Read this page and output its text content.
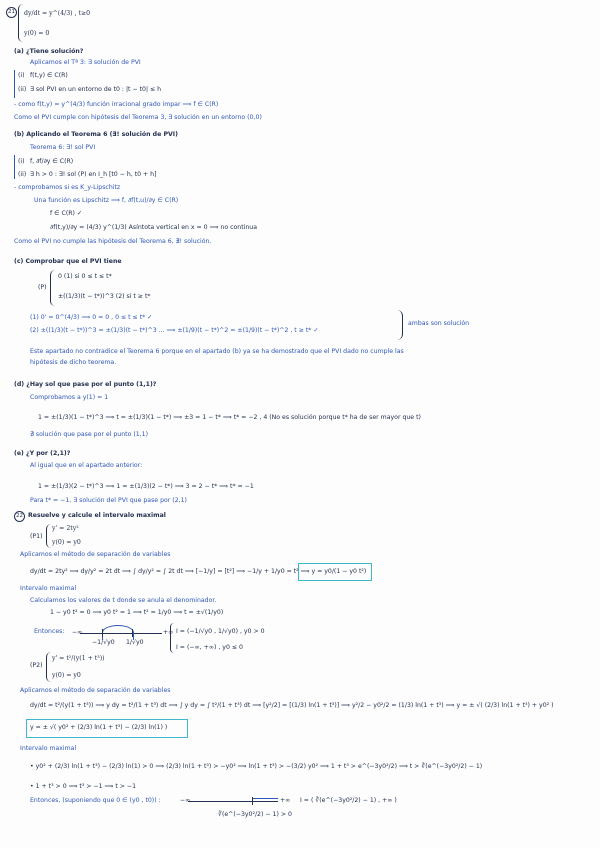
21	dy/dt = y^(4/3) , t≥0
y(0) = 0
(a) ¿Tiene solución?
Aplicamos el Tª 3: ∃ solución de PVI
(i) f(t,y) ∈ C(R)
(ii) ∃ sol PVI en un entorno de t0 : |t − t0| ≤ h
- como f(t,y) = y^(4/3) función irracional grado impar ⟹ f ∈ C(R)
Como el PVI cumple con hipótesis del Teorema 3, ∃ solución en un entorno (0,0)
(b) Aplicando el Teorema 6 (∃! solución de PVI)
Teorema 6: ∃! sol PVI
(i) f, ∂f/∂y ∈ C(R)
(ii) ∃ h > 0 : ∃! sol (P) en I_h [t0 − h, t0 + h]
- comprobamos si es K_y-Lipschitz
Una función es Lipschitz ⟹ f, ∂f(t,u)/∂y ∈ C(R)
f ∈ C(R) ✓
∂f(t,y)/∂y = (4/3) y^(1/3) Asíntota vertical en x = 0 ⟹ no continua
Como el PVI no cumple las hipótesis del Teorema 6, ∄! solución.
(c) Comprobar que el PVI tiene
(P)
0 (1) si 0 ≤ t ≤ t*
±((1/3)(t − t*))^3 (2) si t ≥ t*
(1) 0' = 0^(4/3) ⟹ 0 = 0 , 0 ≤ t ≤ t* ✓
(2) ±((1/3)(t − t*))^3 = ±(1/3)(t − t*)^3 ... ⟹ ±(1/9)(t − t*)^2 = ±(1/9)(t − t*)^2 , t ≥ t* ✓
ambas son solución
Este apartado no contradice el Teorema 6 porque en el apartado (b) ya se ha demostrado que el PVI dado no cumple las
hipótesis de dicho teorema.
(d) ¿Hay sol que pase por el punto (1,1)?
Comprobamos a y(1) = 1
1 = ±(1/3)(1 − t*)^3 ⟹ t = ±(1/3)(1 − t*) ⟹ ±3 = 1 − t* ⟹ t* = −2 , 4 (No es solución porque t* ha de ser mayor que t)
∄ solución que pase por el punto (1,1)
(e) ¿Y por (2,1)?
Al igual que en el apartado anterior:
1 = ±(1/3)(2 − t*)^3 ⟹ 1 = ±(1/3)(2 − t*) ⟹ 3 = 2 − t* ⟹ t* = −1
Para t* = −1, ∃ solución del PVI que pase por (2,1)
22 Resuelve y calcule el intervalo maximal
(P1)
y' = 2ty²
y(0) = y0
Aplicamos el método de separación de variables
dy/dt = 2ty² ⟹ dy/y² = 2t dt ⟹ ∫ dy/y² = ∫ 2t dt ⟹ [−1/y] = [t²] ⟹ −1/y + 1/y0 = t² ⟹ y = y0/(1 − y0 t²)
Intervalo maximal
Calculamos los valores de t donde se anula el denominador.
1 − y0 t² = 0 ⟹ y0 t² = 1 ⟹ t² = 1/y0 ⟹ t = ±√(1/y0)
Entonces: −∞	+∞
−1/√y0 1/√y0
I = (−1/√y0 , 1/√y0) , y0 > 0
I = (−∞, +∞) , y0 ≤ 0
(P2)
y' = t²/(y(1 + t³))
y(0) = y0
Aplicamos el método de separación de variables
dy/dt = t²/(y(1 + t³)) ⟹ y dy = t²/(1 + t³) dt ⟹ ∫ y dy = ∫ t²/(1 + t³) dt ⟹ [y²/2] = [(1/3) ln(1 + t³)] ⟹ y²/2 − y0²/2 = (1/3) ln(1 + t³) ⟹ y = ± √( (2/3) ln(1 + t³) + y0² )
y = ± √( y0² + (2/3) ln(1 + t³) − (2/3) ln(1) )
Intervalo maximal
• y0² + (2/3) ln(1 + t³) − (2/3) ln(1) > 0 ⟹ (2/3) ln(1 + t³) > −y0² ⟹ ln(1 + t³) > −(3/2) y0² ⟹ 1 + t³ > e^(−3y0²/2) ⟹ t > ∛(e^(−3y0²/2) − 1)
• 1 + t³ > 0 ⟹ t³ > −1 ⟹ t > −1
Entonces, (suponiendo que 0 ∈ (y0 , t0)) :	−∞	+∞ I = ( ∛(e^(−3y0²/2) − 1) , +∞ )
∛(e^(−3y0²/2) − 1) > 0
